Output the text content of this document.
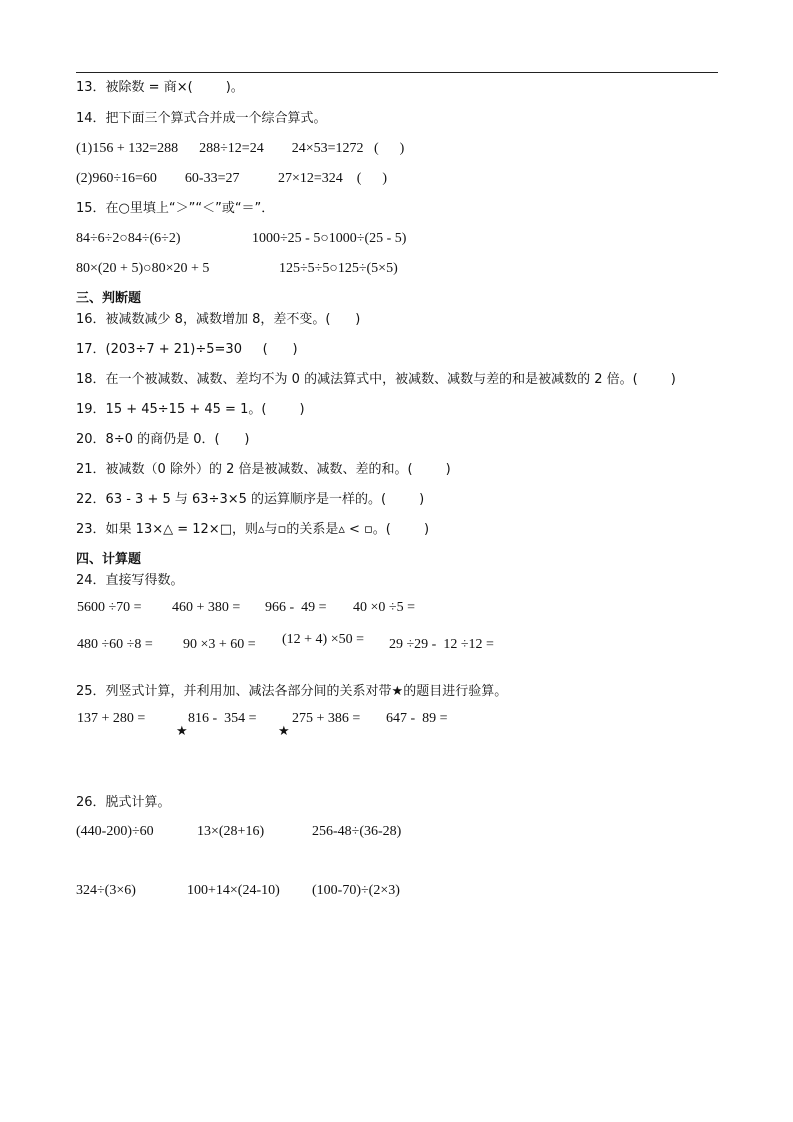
13．被除数 = 商×(        )。
14．把下面三个算式合并成一个综合算式。
(1)156 + 132=288      288÷12=24        24×53=1272   (      )
(2)960÷16=60        60-33=27           27×12=324    (      )
15．在○里填上“＞”“＜”或“＝”．
84÷6÷2○84÷(6÷2)	1000÷25 - 5○1000÷(25 - 5)
80×(20 + 5)○80×20 + 5	125÷5÷5○125÷(5×5)
三、判断题
16．被减数减少 8，减数增加 8，差不变。(      )
17．(203÷7 + 21)÷5=30     (      )
18．在一个被减数、减数、差均不为 0 的减法算式中，被减数、减数与差的和是被减数的 2 倍。(        )
19．15 + 45÷15 + 45 = 1。(        )
20．8÷0 的商仍是 0．(      )
21．被减数（0 除外）的 2 倍是被减数、减数、差的和。(        )
22．63 - 3 + 5 与 63÷3×5 的运算顺序是一样的。(        )
23．如果 13×△ = 12×□，则▵与▫的关系是▵ < ▫。(        )
四、计算题
24．直接写得数。
5600 ÷70 = 460 + 380 = 966 -  49 = 40 ×0 ÷5 =
480 ÷60 ÷8 = 90 ×3 + 60 = (12 + 4) ×50 = 29 ÷29 -  12 ÷12 =
25．列竖式计算，并利用加、减法各部分间的关系对带★的题目进行验算。
137 + 280 =	816 -  354 =	275 + 386 = 647 -  89 =
★	★
26．脱式计算。
(440-200)÷60	13×(28+16)	256-48÷(36-28)
324÷(3×6)	100+14×(24-10) (100-70)÷(2×3)
